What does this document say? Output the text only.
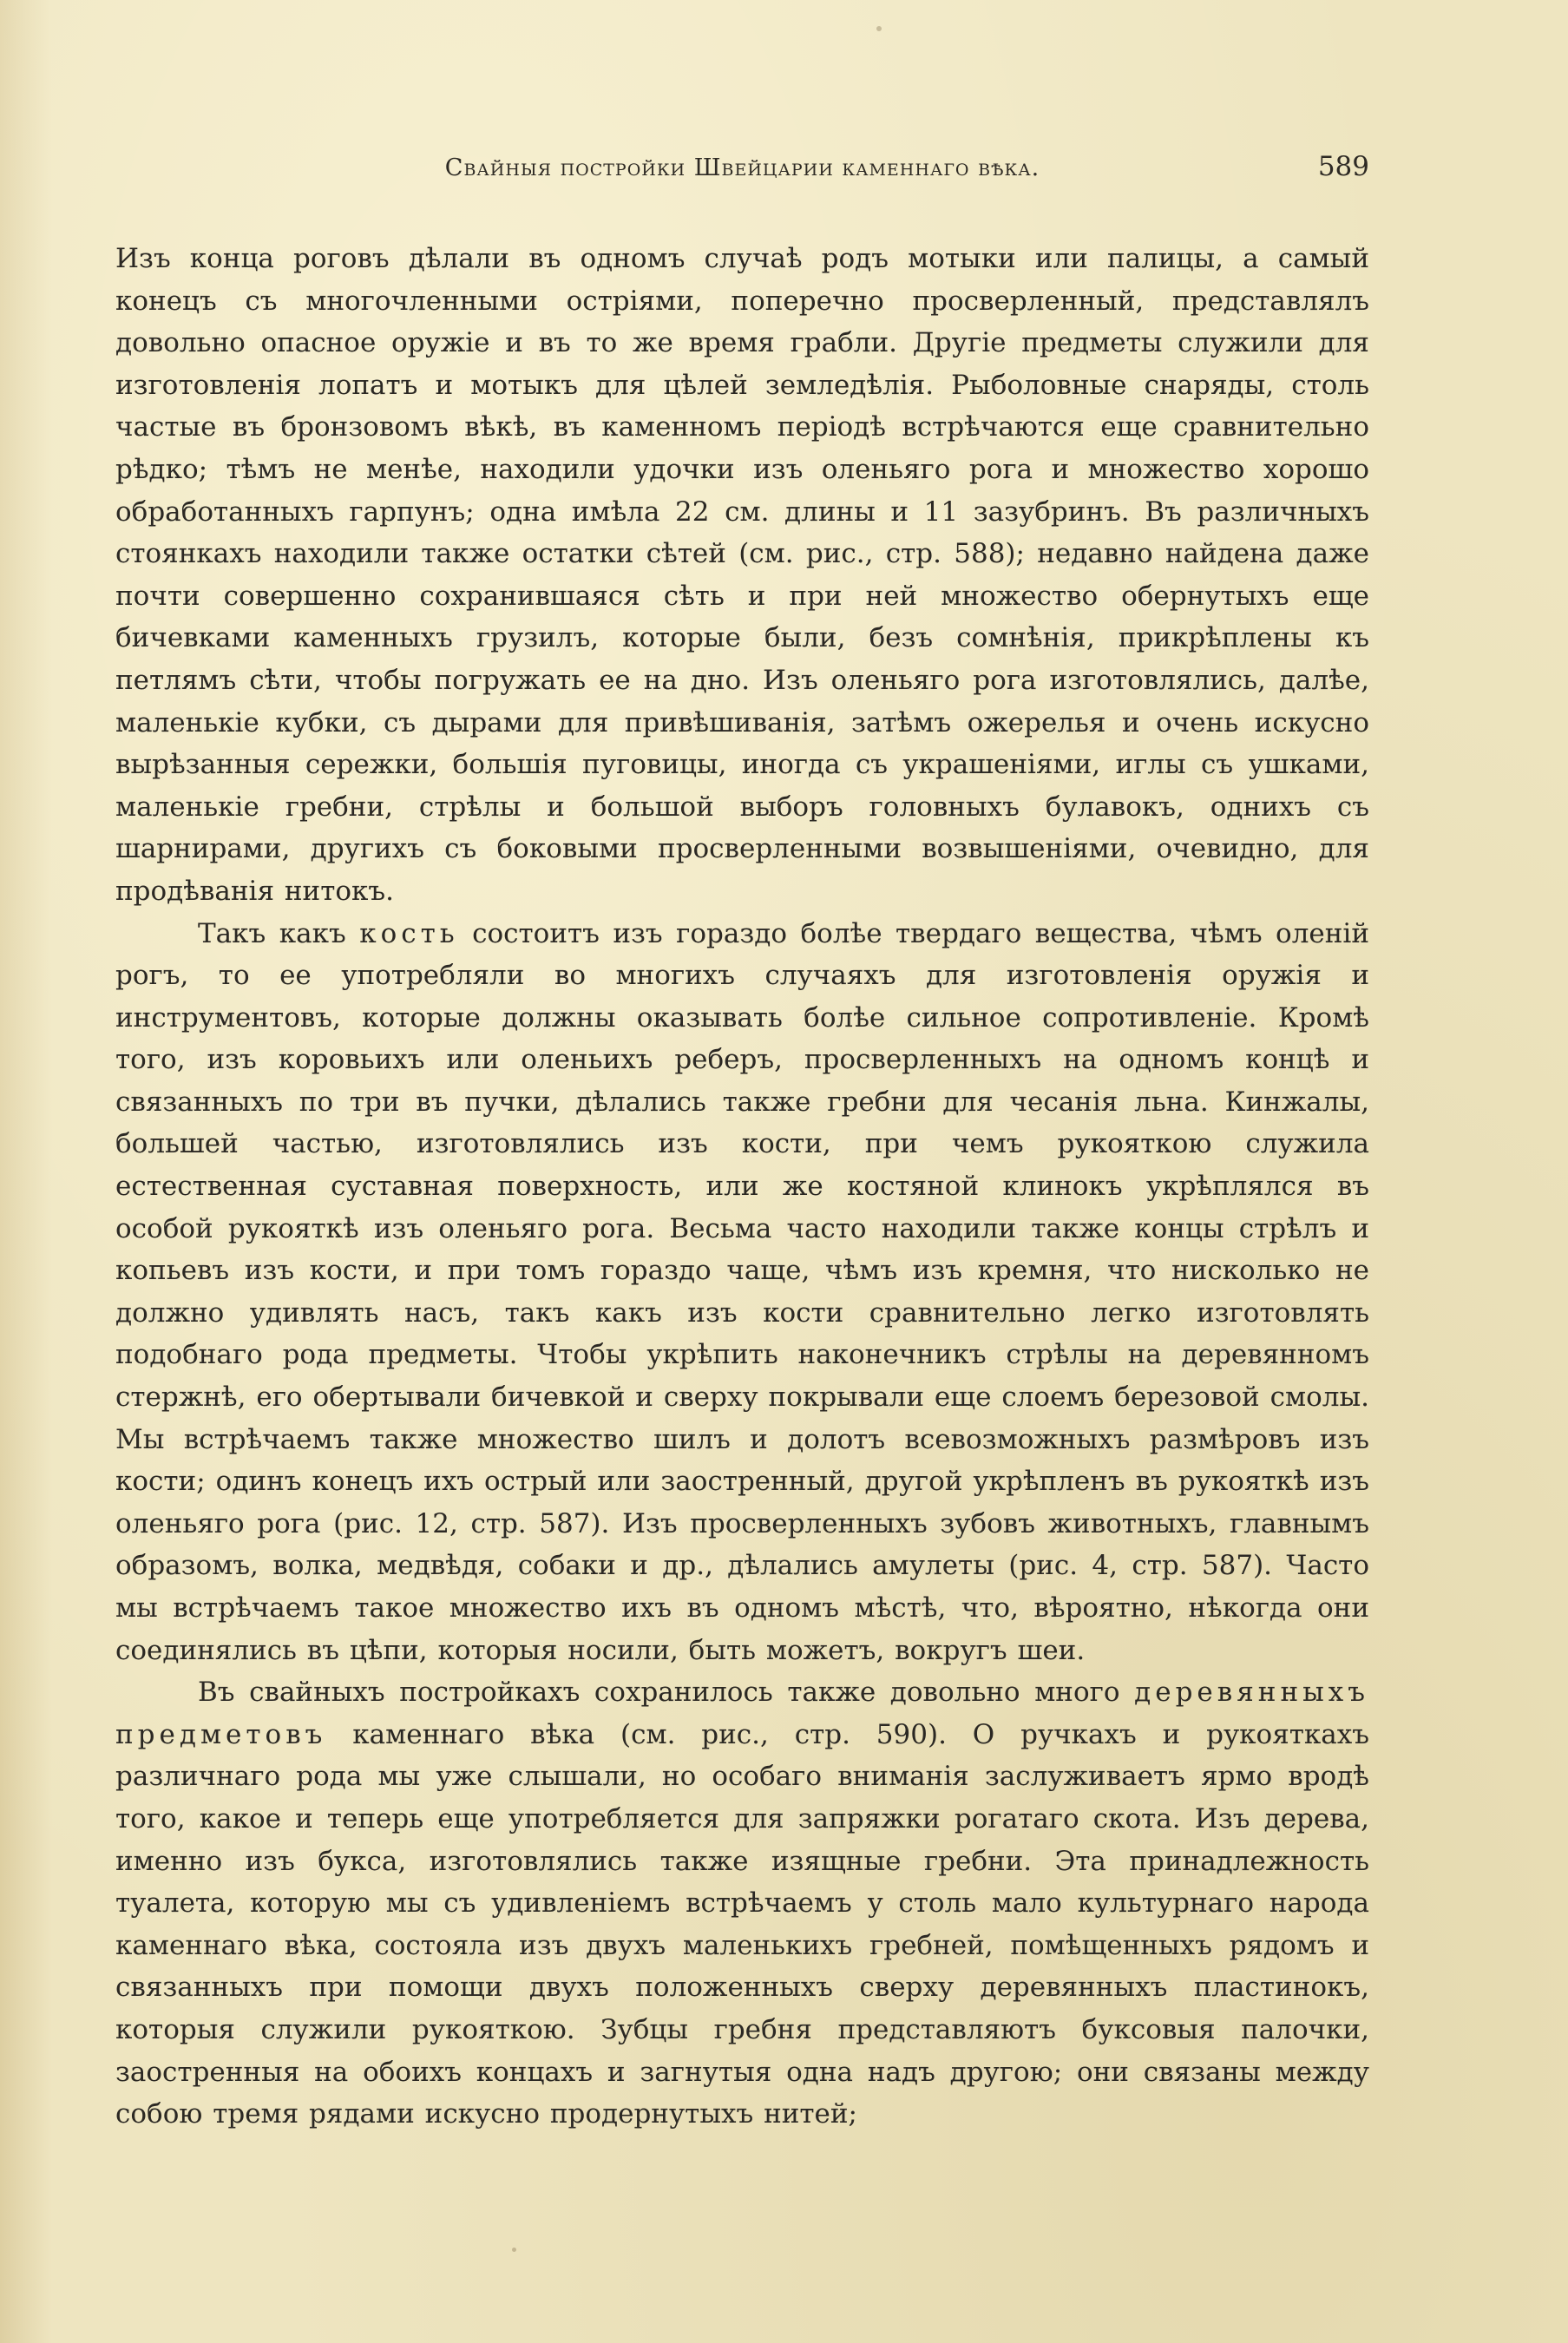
Свайныя постройки Швейцарии каменнаго вѣка.	589

Изъ конца роговъ дѣлали въ одномъ случаѣ родъ мотыки или палицы, а самый конецъ съ многочленными остріями, поперечно просверленный, представлялъ довольно опасное оружіе и въ то же время грабли. Другіе предметы служили для изготовленія лопатъ и мотыкъ для цѣлей земледѣлія. Рыболовные снаряды, столь частые въ бронзовомъ вѣкѣ, въ каменномъ періодѣ встрѣчаются еще сравнительно рѣдко; тѣмъ не менѣе, находили удочки изъ оленьяго рога и множество хорошо обработанныхъ гарпунъ; одна имѣла 22 см. длины и 11 зазубринъ. Въ различныхъ стоянкахъ находили также остатки сѣтей (см. рис., стр. 588); недавно найдена даже почти совершенно сохранившаяся сѣть и при ней множество обернутыхъ еще бичевками каменныхъ грузилъ, которые были, безъ сомнѣнія, прикрѣплены къ петлямъ сѣти, чтобы погружать ее на дно. Изъ оленьяго рога изготовлялись, далѣе, маленькіе кубки, съ дырами для привѣшиванія, затѣмъ ожерелья и очень искусно вырѣзанныя сережки, большія пуговицы, иногда съ украшеніями, иглы съ ушками, маленькіе гребни, стрѣлы и большой выборъ головныхъ булавокъ, однихъ съ шарнирами, другихъ съ боковыми просверленными возвышеніями, очевидно, для продѣванія нитокъ.

Такъ какъ кость состоитъ изъ гораздо болѣе твердаго вещества, чѣмъ оленій рогъ, то ее употребляли во многихъ случаяхъ для изготовленія оружія и инструментовъ, которые должны оказывать болѣе сильное сопротивленіе. Кромѣ того, изъ коровьихъ или оленьихъ реберъ, просверленныхъ на одномъ концѣ и связанныхъ по три въ пучки, дѣлались также гребни для чесанія льна. Кинжалы, большей частью, изготовлялись изъ кости, при чемъ рукояткою служила естественная суставная поверхность, или же костяной клинокъ укрѣплялся въ особой рукояткѣ изъ оленьяго рога. Весьма часто находили также концы стрѣлъ и копьевъ изъ кости, и при томъ гораздо чаще, чѣмъ изъ кремня, что нисколько не должно удивлять насъ, такъ какъ изъ кости сравнительно легко изготовлять подобнаго рода предметы. Чтобы укрѣпить наконечникъ стрѣлы на деревянномъ стержнѣ, его обертывали бичевкой и сверху покрывали еще слоемъ березовой смолы. Мы встрѣчаемъ также множество шилъ и долотъ всевозможныхъ размѣровъ изъ кости; одинъ конецъ ихъ острый или заостренный, другой укрѣпленъ въ рукояткѣ изъ оленьяго рога (рис. 12, стр. 587). Изъ просверленныхъ зубовъ животныхъ, главнымъ образомъ, волка, медвѣдя, собаки и др., дѣлались амулеты (рис. 4, стр. 587). Часто мы встрѣчаемъ такое множество ихъ въ одномъ мѣстѣ, что, вѣроятно, нѣкогда они соединялись въ цѣпи, которыя носили, быть можетъ, вокругъ шеи.

Въ свайныхъ постройкахъ сохранилось также довольно много деревянныхъ предметовъ каменнаго вѣка (см. рис., стр. 590). О ручкахъ и рукояткахъ различнаго рода мы уже слышали, но особаго вниманія заслуживаетъ ярмо вродѣ того, какое и теперь еще употребляется для запряжки рогатаго скота. Изъ дерева, именно изъ букса, изготовлялись также изящные гребни. Эта принадлежность туалета, которую мы съ удивленіемъ встрѣчаемъ у столь мало культурнаго народа каменнаго вѣка, состояла изъ двухъ маленькихъ гребней, помѣщенныхъ рядомъ и связанныхъ при помощи двухъ положенныхъ сверху деревянныхъ пластинокъ, которыя служили рукояткою. Зубцы гребня представляютъ буксовыя палочки, заостренныя на обоихъ концахъ и загнутыя одна надъ другою; они связаны между собою тремя рядами искусно продернутыхъ нитей;
